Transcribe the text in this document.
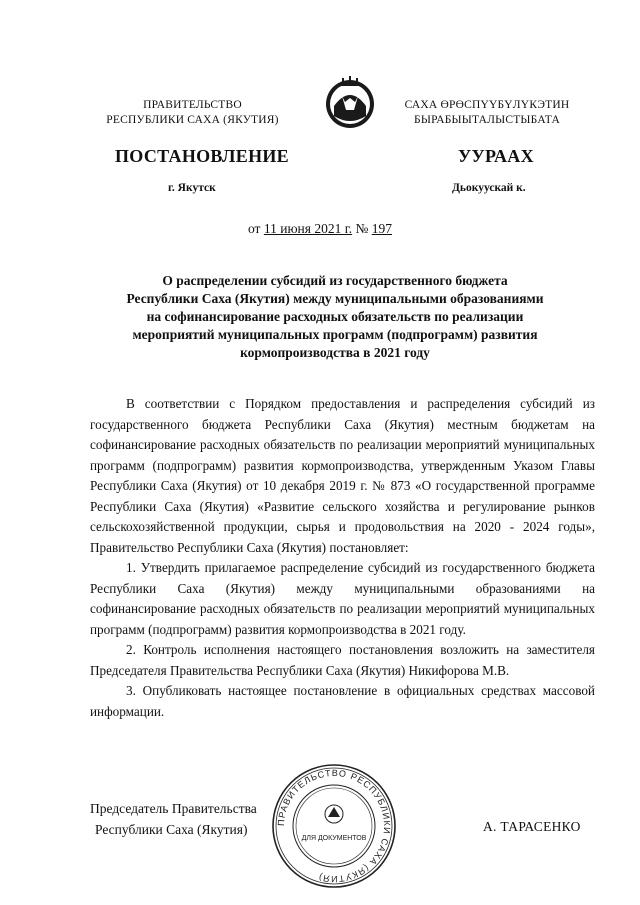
ПРАВИТЕЛЬСТВО
РЕСПУБЛИКИ САХА (ЯКУТИЯ)
САХА ӨРӨСПҮҮБҮЛҮКЭТИН
БЫРАБЫЫТАЛЫСТЫБАТА
ПОСТАНОВЛЕНИЕ	УУРААХ
г. Якутск	Дьокуускай к.
от 11 июня 2021 г. № 197
О распределении субсидий из государственного бюджета
Республики Саха (Якутия) между муниципальными образованиями
на софинансирование расходных обязательств по реализации
мероприятий муниципальных программ (подпрограмм) развития
кормопроизводства в 2021 году

В соответствии с Порядком предоставления и распределения субсидий из государственного бюджета Республики Саха (Якутия) местным бюджетам на софинансирование расходных обязательств по реализации мероприятий муниципальных программ (подпрограмм) развития кормопроизводства, утвержденным Указом Главы Республики Саха (Якутия) от 10 декабря 2019 г. № 873 «О государственной программе Республики Саха (Якутия) «Развитие сельского хозяйства и регулирование рынков сельскохозяйственной продукции, сырья и продовольствия на 2020 - 2024 годы», Правительство Республики Саха (Якутия) постановляет:

1. Утвердить прилагаемое распределение субсидий из государственного бюджета Республики Саха (Якутия) между муниципальными образованиями на софинансирование расходных обязательств по реализации мероприятий муниципальных программ (подпрограмм) развития кормопроизводства в 2021 году.

2. Контроль исполнения настоящего постановления возложить на заместителя Председателя Правительства Республики Саха (Якутия) Никифорова М.В.

3. Опубликовать настоящее постановление в официальных средствах массовой информации.

Председатель Правительства
Республики Саха (Якутия)	ПРАВИТЕЛЬСТВО РЕСПУБЛИКИ САХА (ЯКУТИЯ)
ДЛЯ ДОКУМЕНТОВ
А. ТАРАСЕНКО
